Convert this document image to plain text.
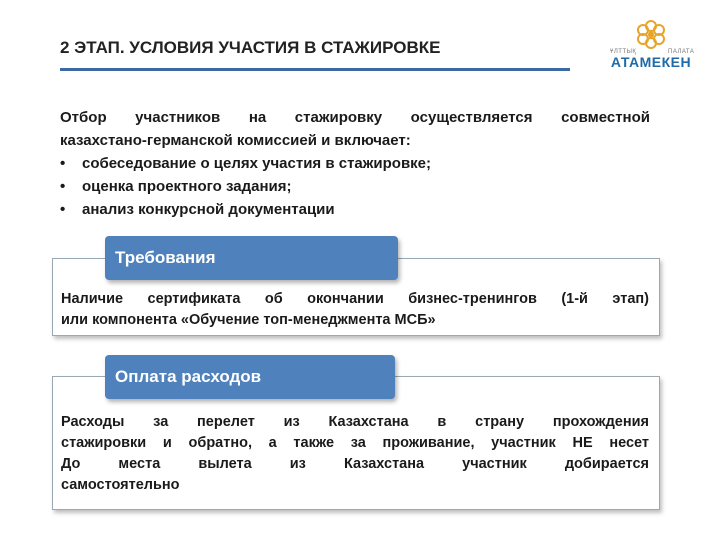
2 ЭТАП. УСЛОВИЯ УЧАСТИЯ В СТАЖИРОВКЕ	ҰЛТТЫҚ	ПАЛАТА
АТАМЕКЕН
Отбор участников на стажировку осуществляется совместной
казахстано-германской комиссией и включает:
• собеседование о целях участия в стажировке;
• оценка проектного задания;
• анализ конкурсной документации
Наличие сертификата об окончании бизнес-тренингов (1-й этап)
или компонента «Обучение топ-менеджмента МСБ»
Требования
Расходы за перелет из Казахстана в страну прохождения
стажировки и обратно, а также за проживание, участник НЕ несет
До места вылета из Казахстана участник добирается
самостоятельно
Оплата расходов
